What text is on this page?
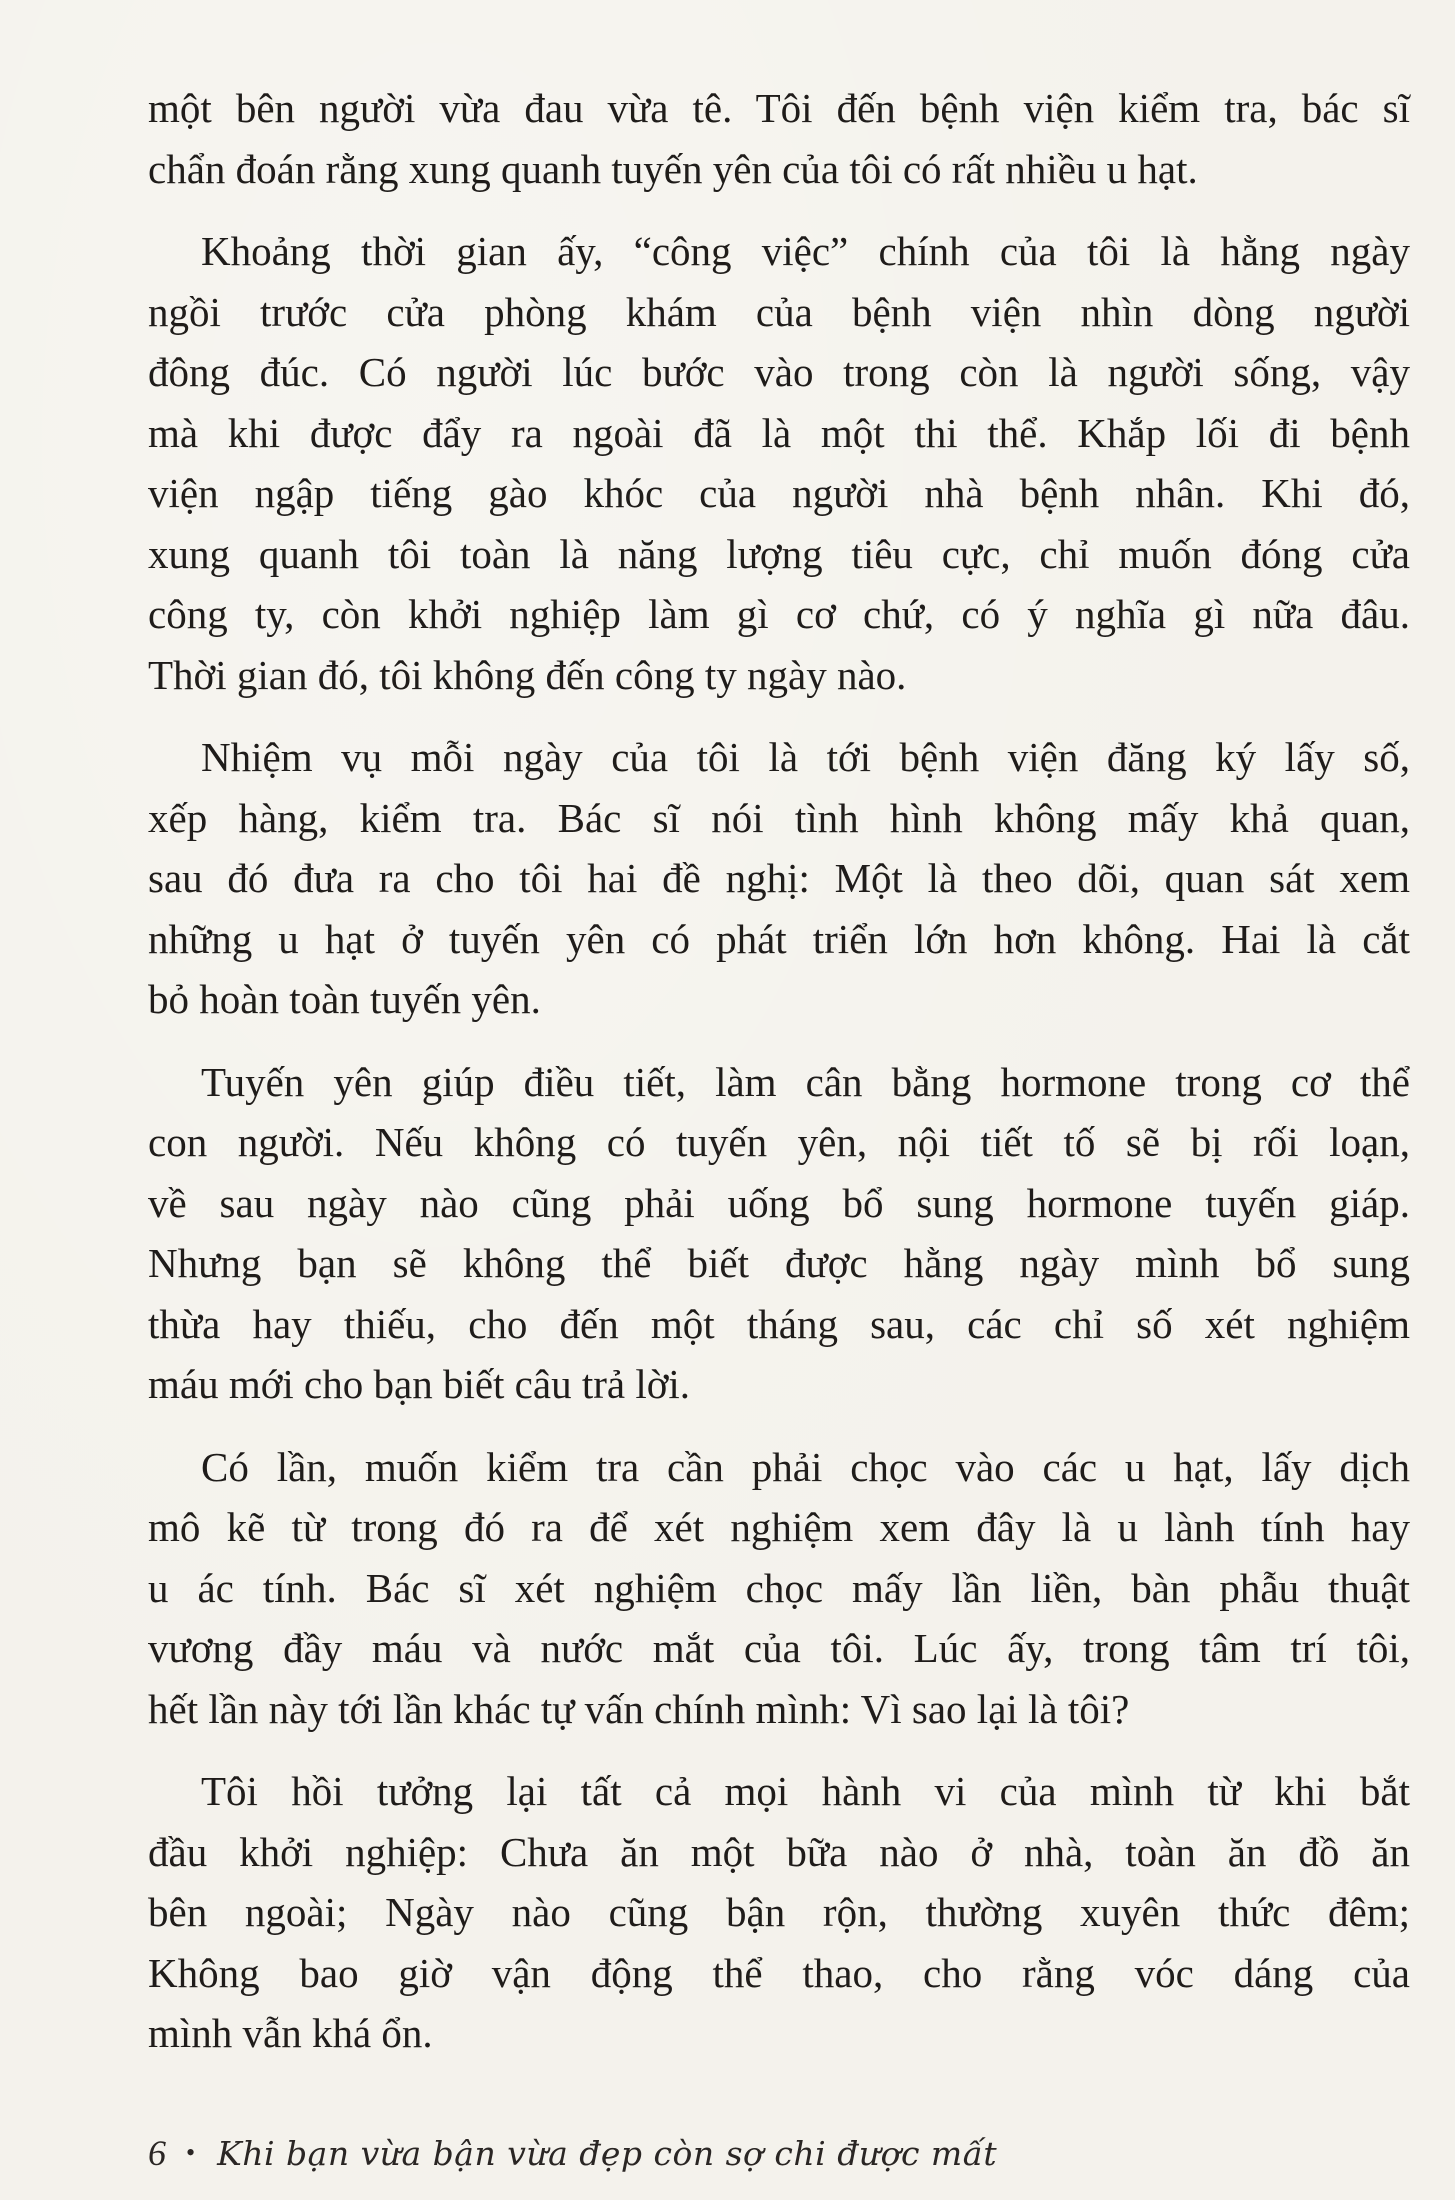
một bên người vừa đau vừa tê. Tôi đến bệnh viện kiểm tra, bác sĩ
chẩn đoán rằng xung quanh tuyến yên của tôi có rất nhiều u hạt.
Khoảng thời gian ấy, “công việc” chính của tôi là hằng ngày
ngồi trước cửa phòng khám của bệnh viện nhìn dòng người
đông đúc. Có người lúc bước vào trong còn là người sống, vậy
mà khi được đẩy ra ngoài đã là một thi thể. Khắp lối đi bệnh
viện ngập tiếng gào khóc của người nhà bệnh nhân. Khi đó,
xung quanh tôi toàn là năng lượng tiêu cực, chỉ muốn đóng cửa
công ty, còn khởi nghiệp làm gì cơ chứ, có ý nghĩa gì nữa đâu.
Thời gian đó, tôi không đến công ty ngày nào.
Nhiệm vụ mỗi ngày của tôi là tới bệnh viện đăng ký lấy số,
xếp hàng, kiểm tra. Bác sĩ nói tình hình không mấy khả quan,
sau đó đưa ra cho tôi hai đề nghị: Một là theo dõi, quan sát xem
những u hạt ở tuyến yên có phát triển lớn hơn không. Hai là cắt
bỏ hoàn toàn tuyến yên.
Tuyến yên giúp điều tiết, làm cân bằng hormone trong cơ thể
con người. Nếu không có tuyến yên, nội tiết tố sẽ bị rối loạn,
về sau ngày nào cũng phải uống bổ sung hormone tuyến giáp.
Nhưng bạn sẽ không thể biết được hằng ngày mình bổ sung
thừa hay thiếu, cho đến một tháng sau, các chỉ số xét nghiệm
máu mới cho bạn biết câu trả lời.
Có lần, muốn kiểm tra cần phải chọc vào các u hạt, lấy dịch
mô kẽ từ trong đó ra để xét nghiệm xem đây là u lành tính hay
u ác tính. Bác sĩ xét nghiệm chọc mấy lần liền, bàn phẫu thuật
vương đầy máu và nước mắt của tôi. Lúc ấy, trong tâm trí tôi,
hết lần này tới lần khác tự vấn chính mình: Vì sao lại là tôi?
Tôi hồi tưởng lại tất cả mọi hành vi của mình từ khi bắt
đầu khởi nghiệp: Chưa ăn một bữa nào ở nhà, toàn ăn đồ ăn
bên ngoài; Ngày nào cũng bận rộn, thường xuyên thức đêm;
Không bao giờ vận động thể thao, cho rằng vóc dáng của
mình vẫn khá ổn.
6 • Khi bạn vừa bận vừa đẹp còn sợ chi được mất
